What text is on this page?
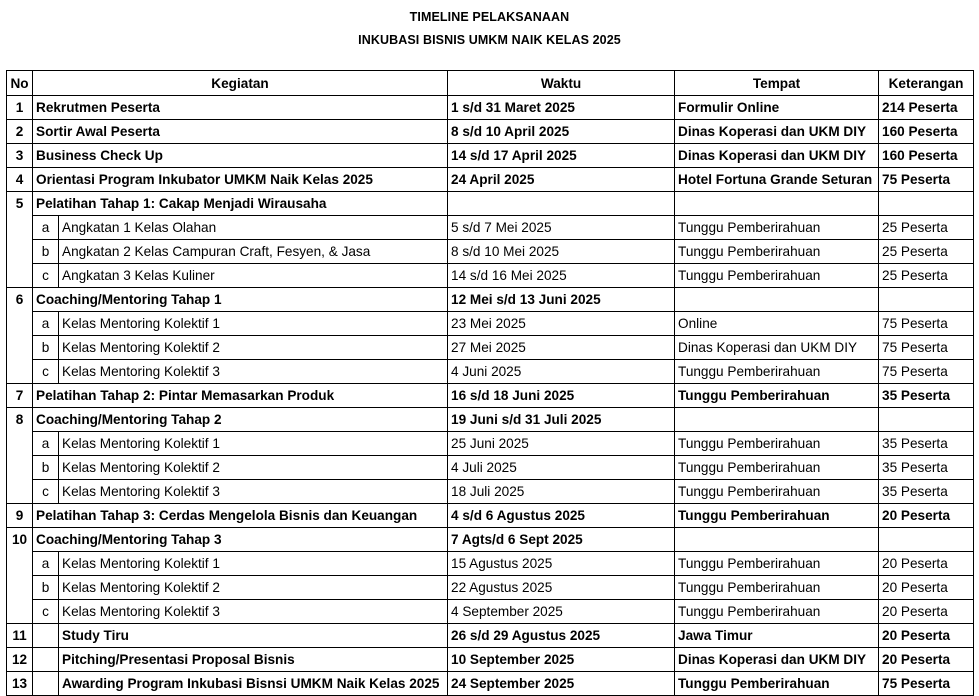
TIMELINE PELAKSANAAN
INKUBASI BISNIS UMKM NAIK KELAS 2025
No	Kegiatan		Waktu	Tempat	Keterangan
1	Rekrutmen Peserta		1 s/d 31 Maret 2025	Formulir Online	214 Peserta
2	Sortir Awal Peserta		8 s/d 10 April 2025	Dinas Koperasi dan UKM DIY	160 Peserta
3	Business Check Up		14 s/d 17 April 2025	Dinas Koperasi dan UKM DIY	160 Peserta
4	Orientasi Program Inkubator UMKM Naik Kelas 2025		24 April 2025	Hotel Fortuna Grande Seturan	75 Peserta
5	Pelatihan Tahap 1: Cakap Menjadi Wirausaha				
	a	Angkatan 1 Kelas Olahan	5 s/d 7 Mei 2025	Tunggu Pemberirahuan	25 Peserta
	b	Angkatan 2 Kelas Campuran Craft, Fesyen, & Jasa	8 s/d 10 Mei 2025	Tunggu Pemberirahuan	25 Peserta
	c	Angkatan 3 Kelas Kuliner	14 s/d 16 Mei 2025	Tunggu Pemberirahuan	25 Peserta
6	Coaching/Mentoring Tahap 1		12 Mei s/d 13 Juni 2025		
	a	Kelas Mentoring Kolektif 1	23 Mei 2025	Online	75 Peserta
	b	Kelas Mentoring Kolektif 2	27 Mei 2025	Dinas Koperasi dan UKM DIY	75 Peserta
	c	Kelas Mentoring Kolektif 3	4 Juni 2025	Tunggu Pemberirahuan	75 Peserta
7	Pelatihan Tahap 2: Pintar Memasarkan Produk		16 s/d 18 Juni 2025	Tunggu Pemberirahuan	35 Peserta
8	Coaching/Mentoring Tahap 2		19 Juni s/d 31 Juli 2025		
	a	Kelas Mentoring Kolektif 1	25 Juni 2025	Tunggu Pemberirahuan	35 Peserta
	b	Kelas Mentoring Kolektif 2	4 Juli 2025	Tunggu Pemberirahuan	35 Peserta
	c	Kelas Mentoring Kolektif 3	18 Juli 2025	Tunggu Pemberirahuan	35 Peserta
9	Pelatihan Tahap 3: Cerdas Mengelola Bisnis dan Keuangan		4 s/d 6 Agustus 2025	Tunggu Pemberirahuan	20 Peserta
10	Coaching/Mentoring Tahap 3		7 Agts/d 6 Sept 2025		
	a	Kelas Mentoring Kolektif 1	15 Agustus 2025	Tunggu Pemberirahuan	20 Peserta
	b	Kelas Mentoring Kolektif 2	22 Agustus 2025	Tunggu Pemberirahuan	20 Peserta
	c	Kelas Mentoring Kolektif 3	4 September 2025	Tunggu Pemberirahuan	20 Peserta
11		Study Tiru	26 s/d 29 Agustus 2025	Jawa Timur	20 Peserta
12		Pitching/Presentasi Proposal Bisnis	10 September 2025	Dinas Koperasi dan UKM DIY	20 Peserta
13		Awarding Program Inkubasi Bisnsi UMKM Naik Kelas 2025	24 September 2025	Tunggu Pemberirahuan	75 Peserta
